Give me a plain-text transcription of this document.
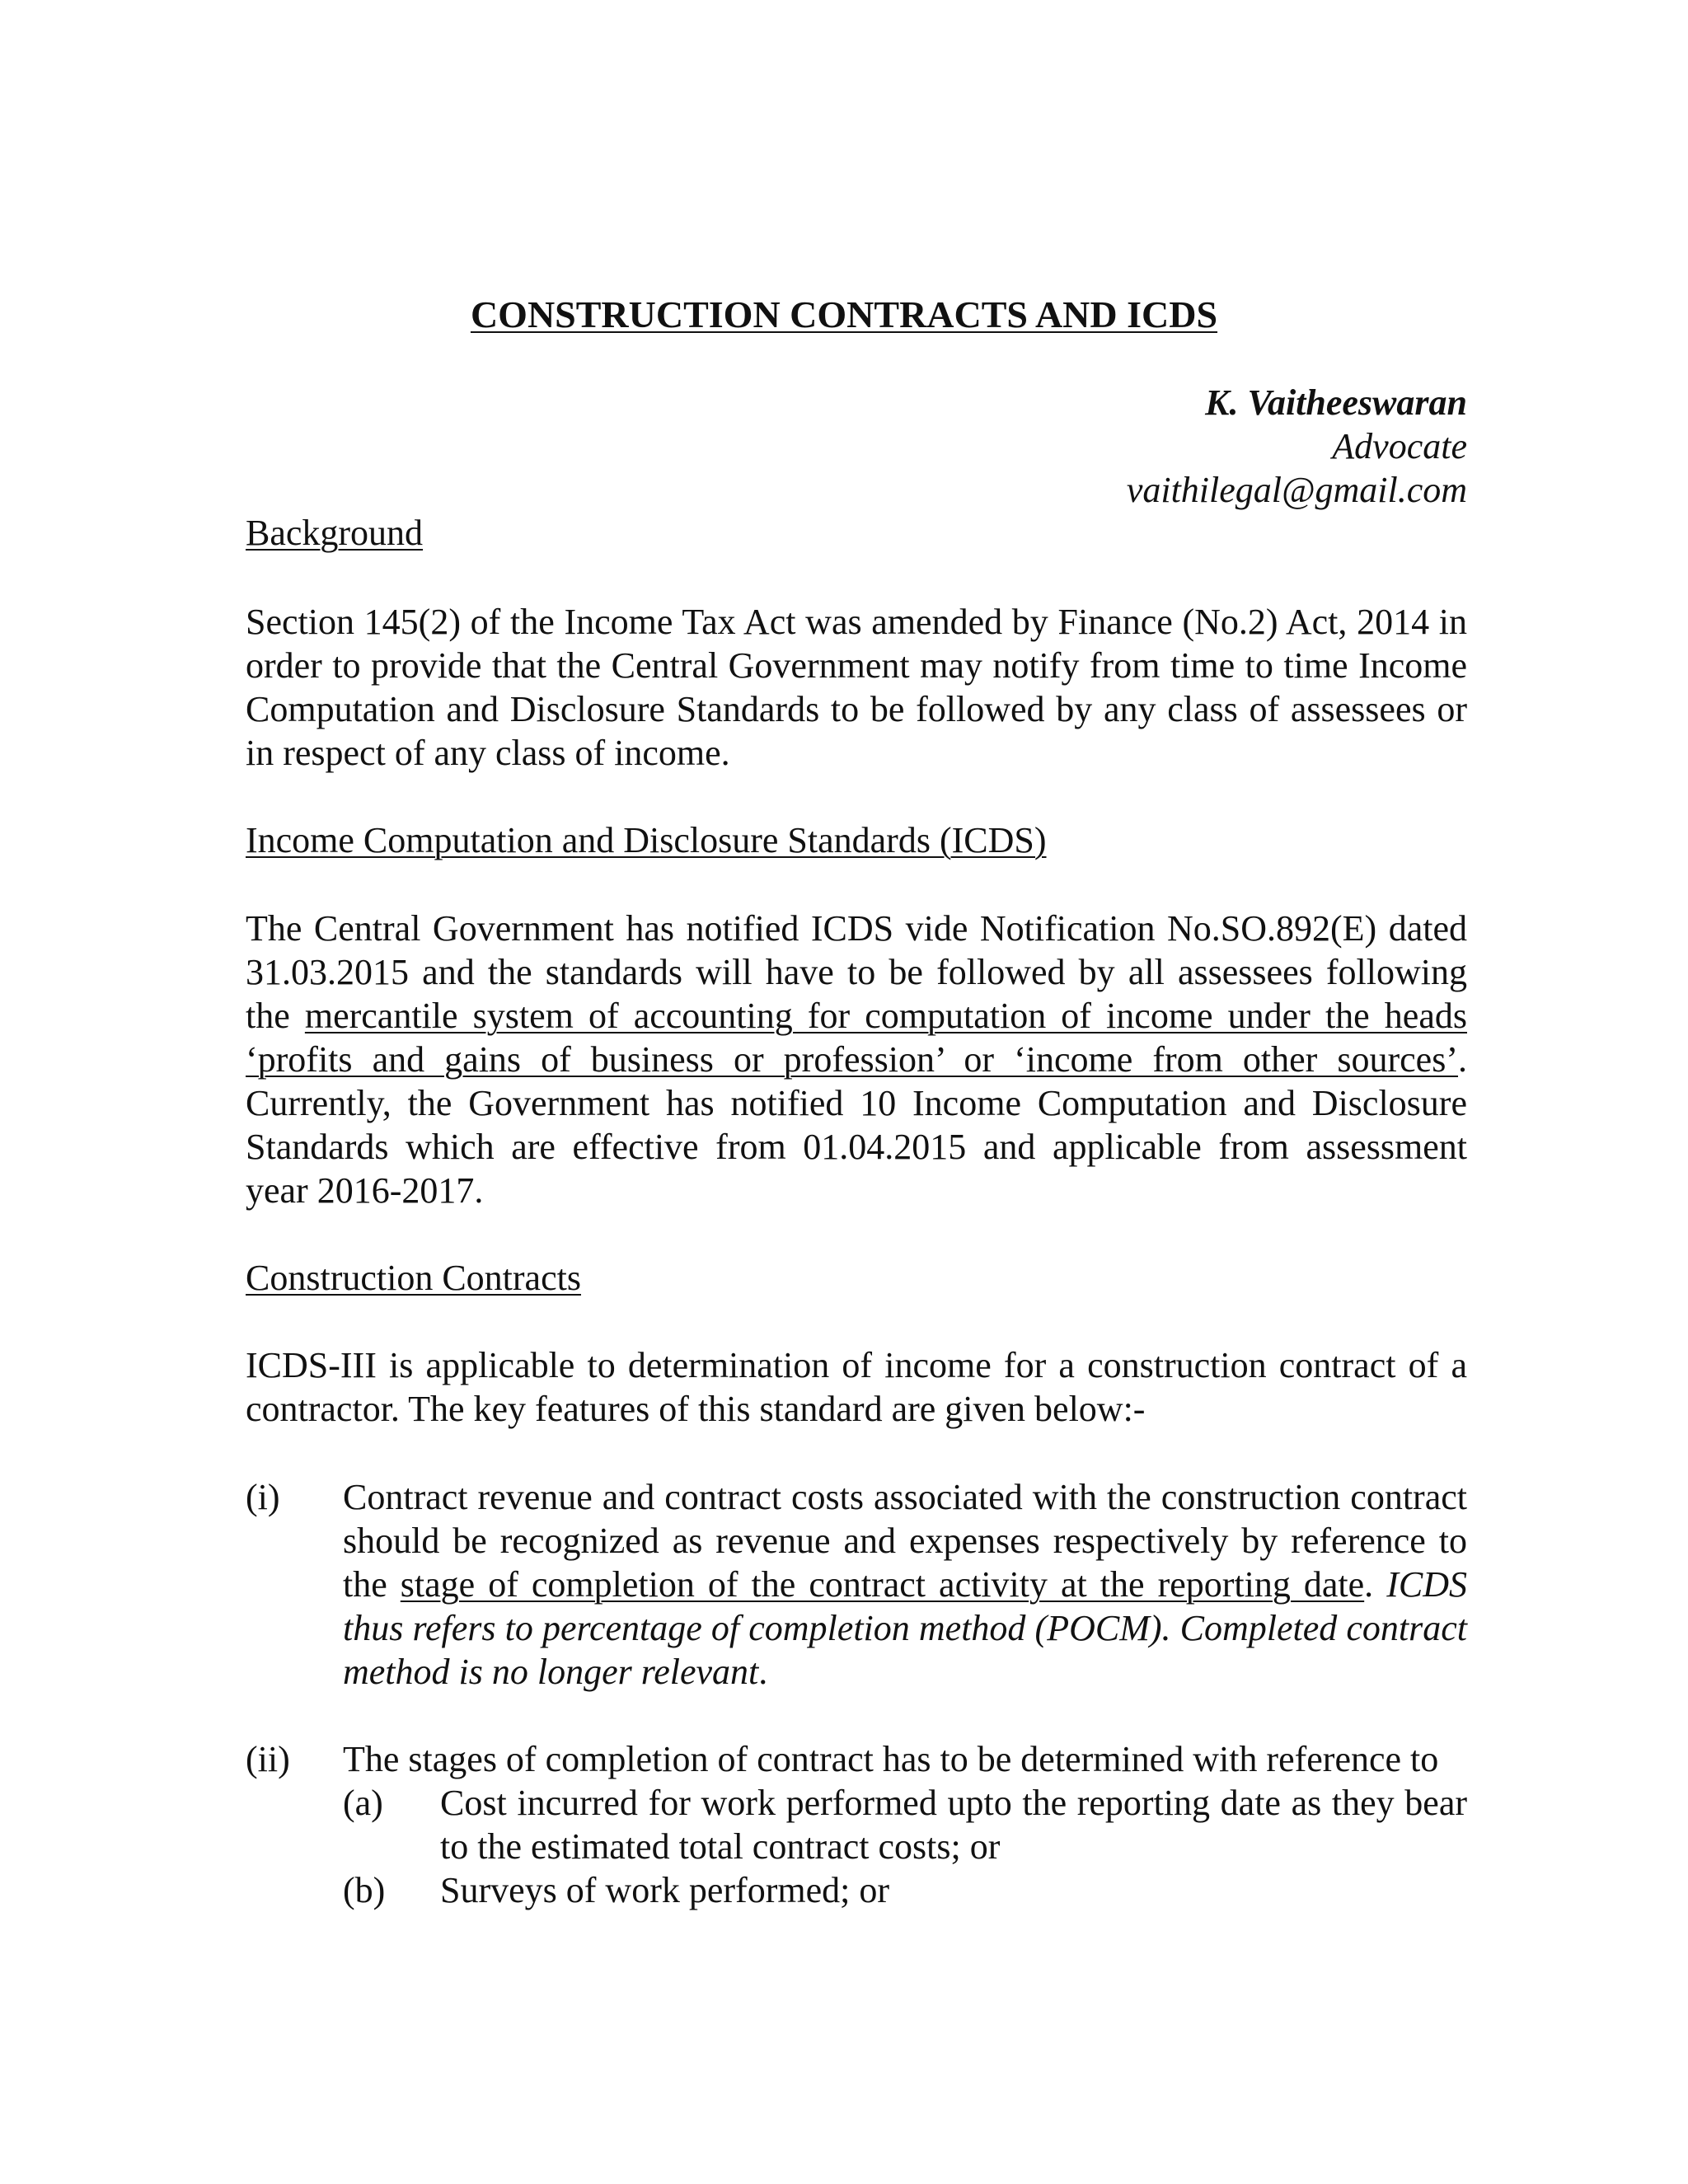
CONSTRUCTION CONTRACTS AND ICDS
K. Vaitheeswaran
Advocate
vaithilegal@gmail.com
Background
Section 145(2) of the Income Tax Act was amended by Finance (No.2) Act, 2014 in order to provide that the Central Government may notify from time to time Income Computation and Disclosure Standards to be followed by any class of assessees or in respect of any class of income.
Income Computation and Disclosure Standards (ICDS)
The Central Government has notified ICDS vide Notification No.SO.892(E) dated 31.03.2015 and the standards will have to be followed by all assessees following the mercantile system of accounting for computation of income under the heads ‘profits and gains of business or profession’ or ‘income from other sources’. Currently, the Government has notified 10 Income Computation and Disclosure Standards which are effective from 01.04.2015 and applicable from assessment year 2016-2017.
Construction Contracts
ICDS-III is applicable to determination of income for a construction contract of a contractor. The key features of this standard are given below:-
(i) Contract revenue and contract costs associated with the construction contract should be recognized as revenue and expenses respectively by reference to the stage of completion of the contract activity at the reporting date. ICDS thus refers to percentage of completion method (POCM). Completed contract method is no longer relevant.
(ii) The stages of completion of contract has to be determined with reference to
(a) Cost incurred for work performed upto the reporting date as they bear to the estimated total contract costs; or
(b) Surveys of work performed; or
